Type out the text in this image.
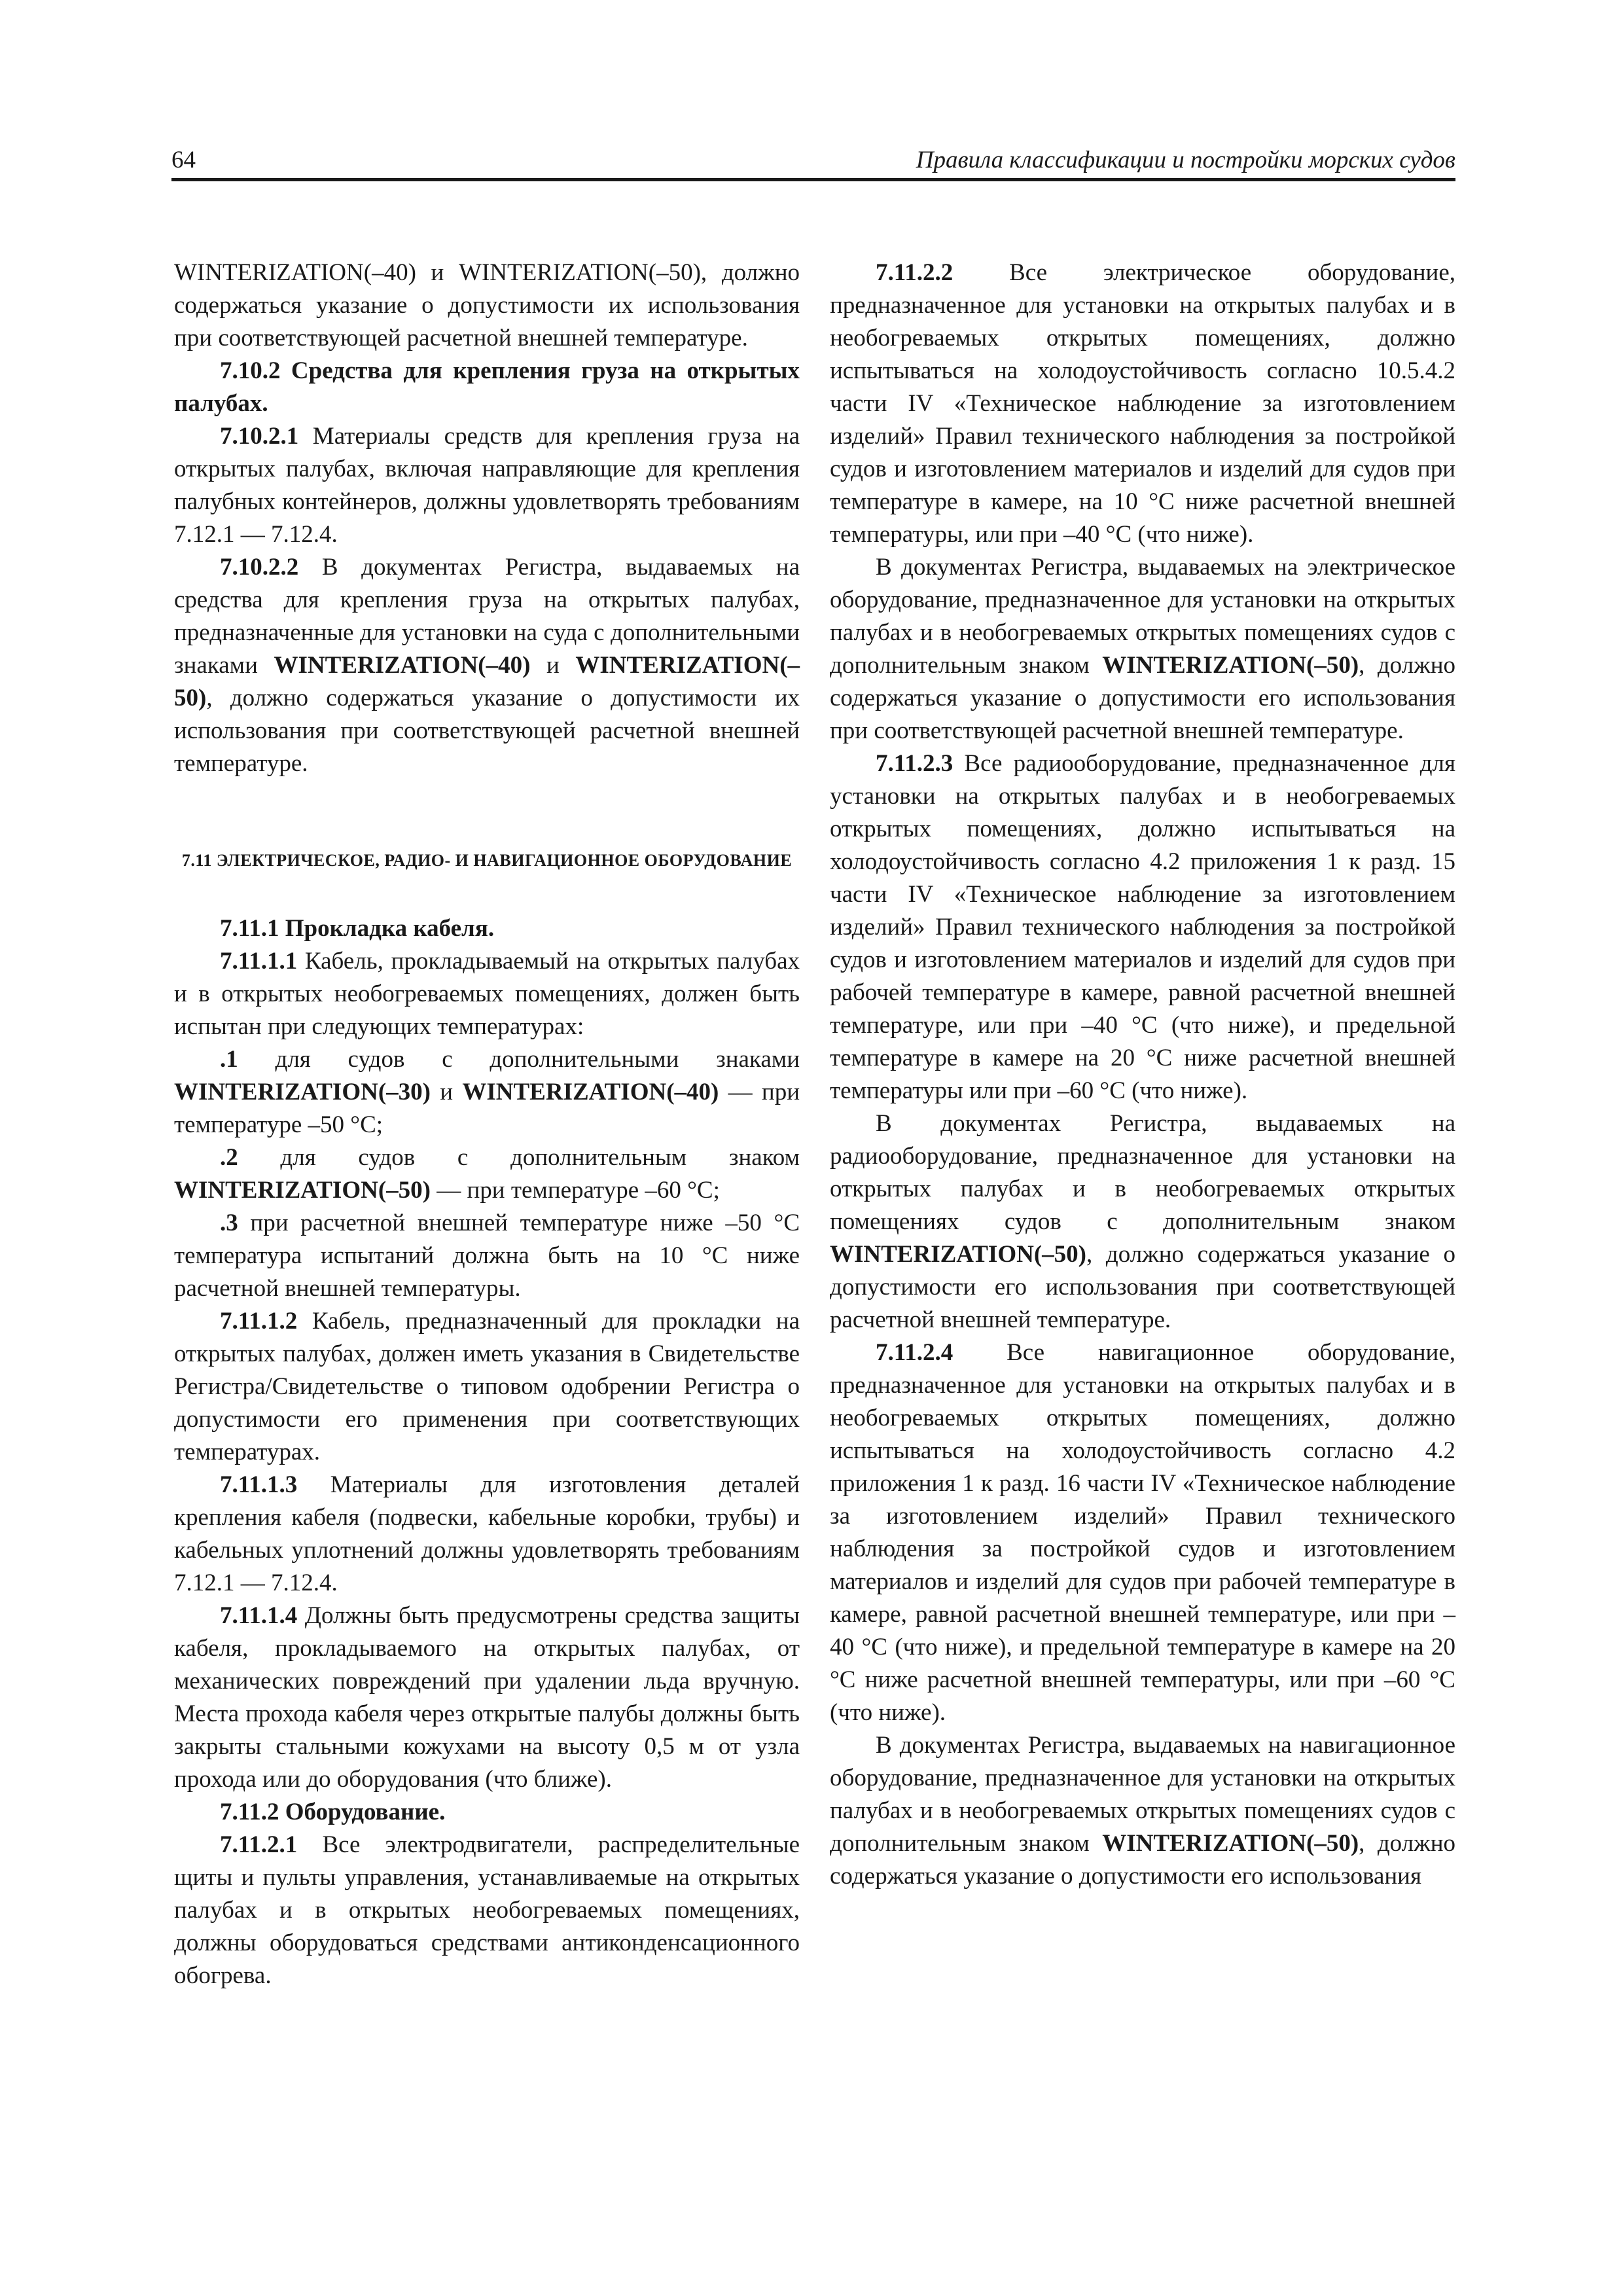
64	Правила классификации и постройки морских судов

WINTERIZATION(–40) и WINTERIZATION(–50), должно содержаться указание о допустимости их использования при соответствующей расчетной внешней температуре.

7.10.2 Средства для крепления груза на открытых палубах.

7.10.2.1 Материалы средств для крепления груза на открытых палубах, включая направляющие для крепления палубных контейнеров, должны удовлетворять требованиям 7.12.1 — 7.12.4.

7.10.2.2 В документах Регистра, выдаваемых на средства для крепления груза на открытых палубах, предназначенные для установки на суда с дополнительными знаками WINTERIZATION(–40) и WINTERIZATION(–50), должно содержаться указание о допустимости их использования при соответствующей расчетной внешней температуре.

7.11 ЭЛЕКТРИЧЕСКОЕ, РАДИО- И НАВИГАЦИОННОЕ ОБОРУДОВАНИЕ

7.11.1 Прокладка кабеля.

7.11.1.1 Кабель, прокладываемый на открытых палубах и в открытых необогреваемых помещениях, должен быть испытан при следующих температурах:

.1 для судов с дополнительными знаками WINTERIZATION(–30) и WINTERIZATION(–40) — при температуре –50 °C;

.2 для судов с дополнительным знаком WINTERIZATION(–50) — при температуре –60 °C;

.3 при расчетной внешней температуре ниже –50 °C температура испытаний должна быть на 10 °C ниже расчетной внешней температуры.

7.11.1.2 Кабель, предназначенный для прокладки на открытых палубах, должен иметь указания в Свидетельстве Регистра/Свидетельстве о типовом одобрении Регистра о допустимости его применения при соответствующих температурах.

7.11.1.3 Материалы для изготовления деталей крепления кабеля (подвески, кабельные коробки, трубы) и кабельных уплотнений должны удовлетворять требованиям 7.12.1 — 7.12.4.

7.11.1.4 Должны быть предусмотрены средства защиты кабеля, прокладываемого на открытых палубах, от механических повреждений при удалении льда вручную. Места прохода кабеля через открытые палубы должны быть закрыты стальными кожухами на высоту 0,5 м от узла прохода или до оборудования (что ближе).

7.11.2 Оборудование.

7.11.2.1 Все электродвигатели, распределительные щиты и пульты управления, устанавливаемые на открытых палубах и в открытых необогреваемых помещениях, должны оборудоваться средствами антиконденсационного обогрева.

7.11.2.2 Все электрическое оборудование, предназначенное для установки на открытых палубах и в необогреваемых открытых помещениях, должно испытываться на холодоустойчивость согласно 10.5.4.2 части IV «Техническое наблюдение за изготовлением изделий» Правил технического наблюдения за постройкой судов и изготовлением материалов и изделий для судов при температуре в камере, на 10 °C ниже расчетной внешней температуры, или при –40 °C (что ниже).

В документах Регистра, выдаваемых на электрическое оборудование, предназначенное для установки на открытых палубах и в необогреваемых открытых помещениях судов с дополнительным знаком WINTERIZATION(–50), должно содержаться указание о допустимости его использования при соответствующей расчетной внешней температуре.

7.11.2.3 Все радиооборудование, предназначенное для установки на открытых палубах и в необогреваемых открытых помещениях, должно испытываться на холодоустойчивость согласно 4.2 приложения 1 к разд. 15 части IV «Техническое наблюдение за изготовлением изделий» Правил технического наблюдения за постройкой судов и изготовлением материалов и изделий для судов при рабочей температуре в камере, равной расчетной внешней температуре, или при –40 °C (что ниже), и предельной температуре в камере на 20 °C ниже расчетной внешней температуры или при –60 °C (что ниже).

В документах Регистра, выдаваемых на радиооборудование, предназначенное для установки на открытых палубах и в необогреваемых открытых помещениях судов с дополнительным знаком WINTERIZATION(–50), должно содержаться указание о допустимости его использования при соответствующей расчетной внешней температуре.

7.11.2.4 Все навигационное оборудование, предназначенное для установки на открытых палубах и в необогреваемых открытых помещениях, должно испытываться на холодоустойчивость согласно 4.2 приложения 1 к разд. 16 части IV «Техническое наблюдение за изготовлением изделий» Правил технического наблюдения за постройкой судов и изготовлением материалов и изделий для судов при рабочей температуре в камере, равной расчетной внешней температуре, или при –40 °C (что ниже), и предельной температуре в камере на 20 °C ниже расчетной внешней температуры, или при –60 °C (что ниже).

В документах Регистра, выдаваемых на навигационное оборудование, предназначенное для установки на открытых палубах и в необогреваемых открытых помещениях судов с дополнительным знаком WINTERIZATION(–50), должно содержаться указание о допустимости его использования
